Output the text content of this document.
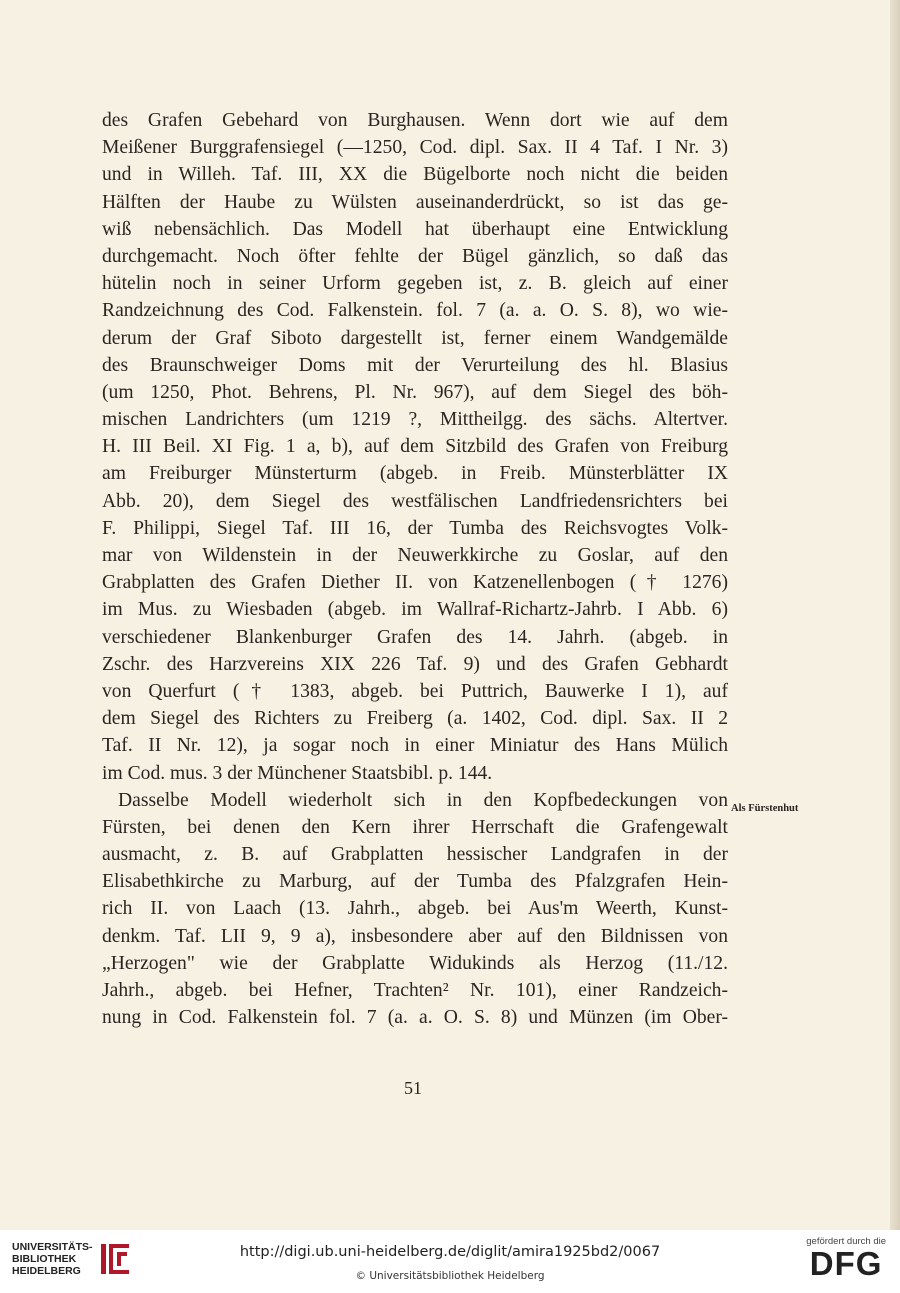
des Grafen Gebehard von Burghausen. Wenn dort wie auf dem
Meißener Burggrafensiegel (—1250, Cod. dipl. Sax. II 4 Taf. I Nr. 3)
und in Willeh. Taf. III, XX die Bügelborte noch nicht die beiden
Hälften der Haube zu Wülsten auseinanderdrückt, so ist das ge-
wiß nebensächlich. Das Modell hat überhaupt eine Entwicklung
durchgemacht. Noch öfter fehlte der Bügel gänzlich, so daß das
hütelin noch in seiner Urform gegeben ist, z. B. gleich auf einer
Randzeichnung des Cod. Falkenstein. fol. 7 (a. a. O. S. 8), wo wie-
derum der Graf Siboto dargestellt ist, ferner einem Wandgemälde
des Braunschweiger Doms mit der Verurteilung des hl. Blasius
(um 1250, Phot. Behrens, Pl. Nr. 967), auf dem Siegel des böh-
mischen Landrichters (um 1219 ?, Mittheilgg. des sächs. Altertver.
H. III Beil. XI Fig. 1 a, b), auf dem Sitzbild des Grafen von Freiburg
am Freiburger Münsterturm (abgeb. in Freib. Münsterblätter IX
Abb. 20), dem Siegel des westfälischen Landfriedensrichters bei
F. Philippi, Siegel Taf. III 16, der Tumba des Reichsvogtes Volk-
mar von Wildenstein in der Neuwerkkirche zu Goslar, auf den
Grabplatten des Grafen Diether II. von Katzenellenbogen († 1276)
im Mus. zu Wiesbaden (abgeb. im Wallraf-Richartz-Jahrb. I Abb. 6)
verschiedener Blankenburger Grafen des 14. Jahrh. (abgeb. in
Zschr. des Harzvereins XIX 226 Taf. 9) und des Grafen Gebhardt
von Querfurt († 1383, abgeb. bei Puttrich, Bauwerke I 1), auf
dem Siegel des Richters zu Freiberg (a. 1402, Cod. dipl. Sax. II 2
Taf. II Nr. 12), ja sogar noch in einer Miniatur des Hans Mülich
im Cod. mus. 3 der Münchener Staatsbibl. p. 144.
Dasselbe Modell wiederholt sich in den Kopfbedeckungen von
Fürsten, bei denen den Kern ihrer Herrschaft die Grafengewalt
ausmacht, z. B. auf Grabplatten hessischer Landgrafen in der
Elisabethkirche zu Marburg, auf der Tumba des Pfalzgrafen Hein-
rich II. von Laach (13. Jahrh., abgeb. bei Aus'm Weerth, Kunst-
denkm. Taf. LII 9, 9 a), insbesondere aber auf den Bildnissen von
„Herzogen" wie der Grabplatte Widukinds als Herzog (11./12.
Jahrh., abgeb. bei Hefner, Trachten² Nr. 101), einer Randzeich-
nung in Cod. Falkenstein fol. 7 (a. a. O. S. 8) und Münzen (im Ober-
Als Fürstenhut
51
UNIVERSITÄTS-
BIBLIOTHEK
HEIDELBERG
http://digi.ub.uni-heidelberg.de/diglit/amira1925bd2/0067
© Universitätsbibliothek Heidelberg
gefördert durch die
DFG
